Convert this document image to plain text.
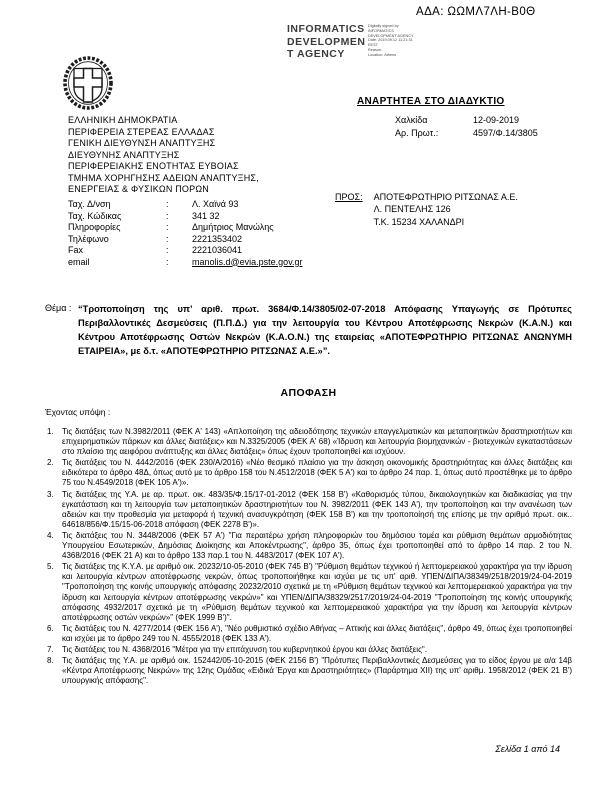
ΑΔΑ: ΩΩΜΛ7ΛΗ-Β0Θ
INFORMATICS
DEVELOPMEN
T AGENCY
Digitally signed by
INFORMATICS
DEVELOPMENT AGENCY
Date: 2019.09.12 11:21:31
EEST
Reason:
Location: Athens
ΑΝΑΡΤΗΤΕΑ ΣΤΟ ΔΙΑΔΥΚΤΙΟ
ΕΛΛΗΝΙΚΗ ΔΗΜΟΚΡΑΤΙΑ
ΠΕΡΙΦΕΡΕΙΑ ΣΤΕΡΕΑΣ ΕΛΛΑΔΑΣ
ΓΕΝΙΚΗ ΔΙΕΥΘΥΝΣΗ ΑΝΑΠΤΥΞΗΣ
ΔΙΕΥΘΥΝΗΣ ΑΝΑΠΤΥΞΗΣ
ΠΕΡΙΦΕΡΕΙΑΚΗΣ ΕΝΟΤΗΤΑΣ ΕΥΒΟΙΑΣ
ΤΜΗΜΑ ΧΟΡΗΓΗΣΗΣ ΑΔΕΙΩΝ ΑΝΑΠΤΥΞΗΣ,
ΕΝΕΡΓΕΙΑΣ & ΦΥΣΙΚΩΝ ΠΟΡΩΝ
Χαλκίδα	12-09-2019
Αρ. Πρωτ.:	4597/Φ.14/3805
Ταχ. Δ/νση	:	Λ. Χαϊνά 93
Ταχ. Κώδικας	:	341 32
Πληροφορίες	:	Δημήτριος Μανώλης
Τηλέφωνο	:	2221353402
Fax	:	2221036041
email	:	manolis.d@evia.pste.gov.gr
ΠΡΟΣ: ΑΠΟΤΕΦΡΩΤΗΡΙΟ ΡΙΤΣΩΝΑΣ Α.Ε.
Λ. ΠΕΝΤΕΛΗΣ 126
Τ.Κ. 15234 ΧΑΛΑΝΔΡΙ
Θέμα : “Τροποποίηση της υπ’ αριθ. πρωτ. 3684/Φ.14/3805/02-07-2018 Απόφασης Υπαγωγής σε Πρότυπες Περιβαλλοντικές Δεσμεύσεις (Π.Π.Δ.) για την λειτουργία του Κέντρου Αποτέφρωσης Νεκρών (Κ.Α.Ν.) και Κέντρου Αποτέφρωσης Οστών Νεκρών (Κ.Α.Ο.Ν.) της εταιρείας «ΑΠΟΤΕΦΡΩΤΗΡΙΟ ΡΙΤΣΩΝΑΣ ΑΝΩΝΥΜΗ ΕΤΑΙΡΕΙΑ», με δ.τ. «ΑΠΟΤΕΦΡΩΤΗΡΙΟ ΡΙΤΣΩΝΑΣ Α.Ε.»”.
ΑΠΟΦΑΣΗ
Έχοντας υπόψη :
1. Τις διατάξεις των Ν.3982/2011 (ΦΕΚ Α' 143) «Απλοποίηση της αδειοδότησης τεχνικών επαγγελματικών και μεταποιητικών δραστηριοτήτων και επιχειρηματικών πάρκων και άλλες διατάξεις» και Ν.3325/2005 (ΦΕΚ Α' 68) «Ίδρυση και λειτουργία βιομηχανικών - βιοτεχνικών εγκαταστάσεων στο πλαίσιο της αειφόρου ανάπτυξης και άλλες διατάξεις» όπως έχουν τροποποιηθεί και ισχύουν.
2. Τις διατάξεις του Ν. 4442/2016 (ΦΕΚ 230/Α/2016) «Νέο θεσμικό πλαίσιο για την άσκηση οικονομικής δραστηριότητας και άλλες διατάξεις και ειδικότερα το άρθρο 48Δ, όπως αυτό με το άρθρο 158 του Ν.4512/2018 (ΦΕΚ 5 Α') και το άρθρο 24 παρ. 1, όπως αυτό προστέθηκε με το άρθρο 75 του Ν.4549/2018 (ΦΕΚ 105 Α')».
3. Τις διατάξεις της Υ.Α. με αρ. πρωτ. οικ. 483/35/Φ.15/17-01-2012 (ΦΕΚ 158 Β') «Καθορισμός τύπου, δικαιολογητικών και διαδικασίας για την εγκατάσταση και τη λειτουργία των μεταποιητικών δραστηριοτήτων του Ν. 3982/2011 (ΦΕΚ 143 Α'), την τροποποίηση και την ανανέωση των αδειών και την προθεσμία για μεταφορά ή τεχνική ανασυγκρότηση (ΦΕΚ 158 Β') και την τροποποίησή της επίσης με την αριθμό πρωτ. οικ.. 64618/856/Φ.15/15-06-2018 απόφαση (ΦΕΚ 2278 Β')».
4. Τις διατάξεις του Ν. 3448/2006 (ΦΕΚ 57 Α') "Για περαιτέρω χρήση πληροφοριών του δημόσιου τομέα και ρύθμιση θεμάτων αρμοδιότητας Υπουργείου Εσωτερικών, Δημόσιας Διοίκησης και Αποκέντρωσης", άρθρο 35, όπως έχει τροποποιηθεί από το άρθρο 14 παρ. 2 του Ν. 4368/2016 (ΦΕΚ 21 Α) και το άρθρο 133 παρ.1 του Ν. 4483/2017 (ΦΕΚ 107 Α').
5. Τις διατάξεις της Κ.Υ.Α. με αριθμό οικ. 20232/10-05-2010 (ΦΕΚ 745 Β') "Ρύθμιση θεμάτων τεχνικού ή λεπτομερειακού χαρακτήρα για την ίδρυση και λειτουργία κέντρων αποτέφρωσης νεκρών, όπως τροποποιήθηκε και ισχύει με τις υπ' αριθ. ΥΠΕΝ/ΔΙΠΑ/38349/2518/2019/24-04-2019 "Τροποποίηση της κοινής υπουργικής απόφασης 20232/2010 σχετικά με τη «Ρύθμιση θεμάτων τεχνικού και λεπτομερειακού χαρακτήρα για την ίδρυση και λειτουργία κέντρων αποτέφρωσης νεκρών»" και ΥΠΕΝ/ΔΙΠΑ/38329/2517/2019/24-04-2019 "Τροποποίηση της κοινής υπουργικής απόφασης 4932/2017 σχετικά με τη «Ρύθμιση θεμάτων τεχνικού και λεπτομερειακού χαρακτήρα για την ίδρυση και λειτουργία κέντρων αποτέφρωσης οστών νεκρών»" (ΦΕΚ 1999 Β')".
6. Τις διατάξεις του Ν. 4277/2014 (ΦΕΚ 156 Α'), "Νέο ρυθμιστικό σχέδιο Αθήνας – Αττικής και άλλες διατάξεις", άρθρο 49, όπως έχει τροποποιηθεί και ισχύει με το άρθρο 249 του Ν. 4555/2018 (ΦΕΚ 133 Α').
7. Τις διατάξεις του Ν. 4368/2016 "Μέτρα για την επιτάχυνση του κυβερνητικού έργου και άλλες διατάξεις".
8. Τις διατάξεις της Υ.Α. με αριθμό οικ. 152442/05-10-2015 (ΦΕΚ 2156 Β') "Πρότυπες Περιβαλλοντικές Δεσμεύσεις για το είδος έργου με α/α 14β «Κέντρα Αποτέφρωσης Νεκρών» της 12ης Ομάδας «Ειδικά Έργα και Δραστηριότητες» (Παράρτημα ΧΙΙ) της υπ' αριθμ. 1958/2012 (ΦΕΚ 21 Β') υπουργικής απόφασης".
Σελίδα 1 από 14
